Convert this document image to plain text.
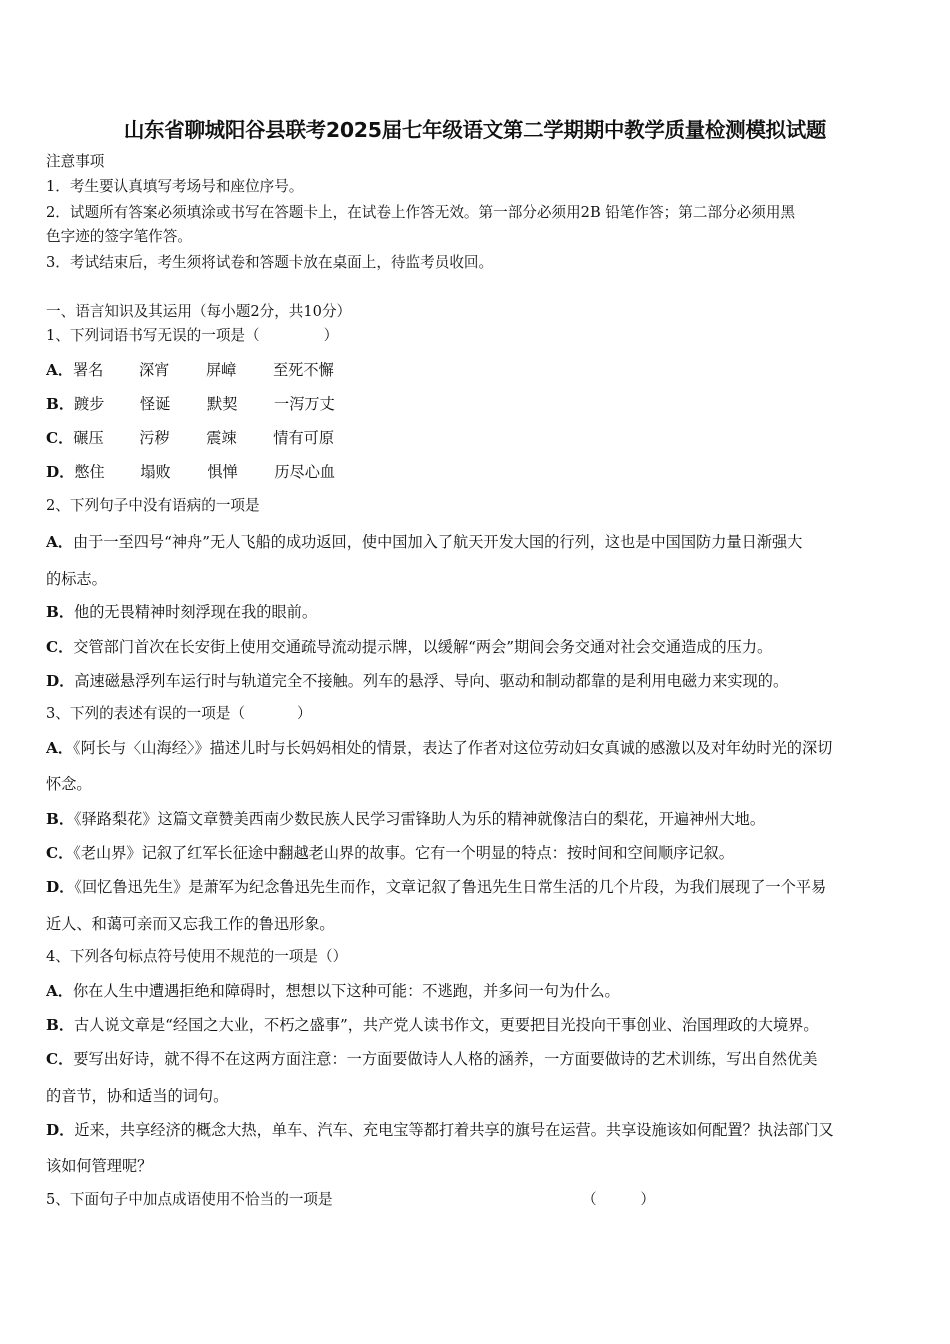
山东省聊城阳谷县联考2025届七年级语文第二学期期中教学质量检测模拟试题
注意事项
1．考生要认真填写考场号和座位序号。
2．试题所有答案必须填涂或书写在答题卡上，在试卷上作答无效。第一部分必须用2B 铅笔作答；第二部分必须用黑
色字迹的签字笔作答。
3．考试结束后，考生须将试卷和答题卡放在桌面上，待监考员收回。
一、语言知识及其运用（每小题2分，共10分）
1、下列词语书写无误的一项是（	）
A．署名 深宵 屏嶂 至死不懈
B．踱步 怪诞 默契 一泻万丈
C．碾压 污秽 震竦 情有可原
D．憋住 塌败 惧惮 历尽心血
2、下列句子中没有语病的一项是
A．由于一至四号“神舟”无人飞船的成功返回，使中国加入了航天开发大国的行列，这也是中国国防力量日渐强大
的标志。
B．他的无畏精神时刻浮现在我的眼前。
C．交管部门首次在长安街上使用交通疏导流动提示牌，以缓解“两会”期间会务交通对社会交通造成的压力。
D．高速磁悬浮列车运行时与轨道完全不接触。列车的悬浮、导向、驱动和制动都靠的是利用电磁力来实现的。
3、下列的表述有误的一项是（	）
A．《阿长与〈山海经〉》描述儿时与长妈妈相处的情景，表达了作者对这位劳动妇女真诚的感激以及对年幼时光的深切
怀念。
B．《驿路梨花》这篇文章赞美西南少数民族人民学习雷锋助人为乐的精神就像洁白的梨花，开遍神州大地。
C．《老山界》记叙了红军长征途中翻越老山界的故事。它有一个明显的特点：按时间和空间顺序记叙。
D．《回忆鲁迅先生》是萧军为纪念鲁迅先生而作，文章记叙了鲁迅先生日常生活的几个片段，为我们展现了一个平易
近人、和蔼可亲而又忘我工作的鲁迅形象。
4、下列各句标点符号使用不规范的一项是（）
A．你在人生中遭遇拒绝和障碍时，想想以下这种可能：不逃跑，并多问一句为什么。
B．古人说文章是“经国之大业，不朽之盛事”，共产党人读书作文，更要把目光投向干事创业、治国理政的大境界。
C．要写出好诗，就不得不在这两方面注意：一方面要做诗人人格的涵养，一方面要做诗的艺术训练，写出自然优美
的音节，协和适当的词句。
D．近来，共享经济的概念大热，单车、汽车、充电宝等都打着共享的旗号在运营。共享设施该如何配置？执法部门又
该如何管理呢？
5、下面句子中加点成语使用不恰当的一项是	（　　　）
